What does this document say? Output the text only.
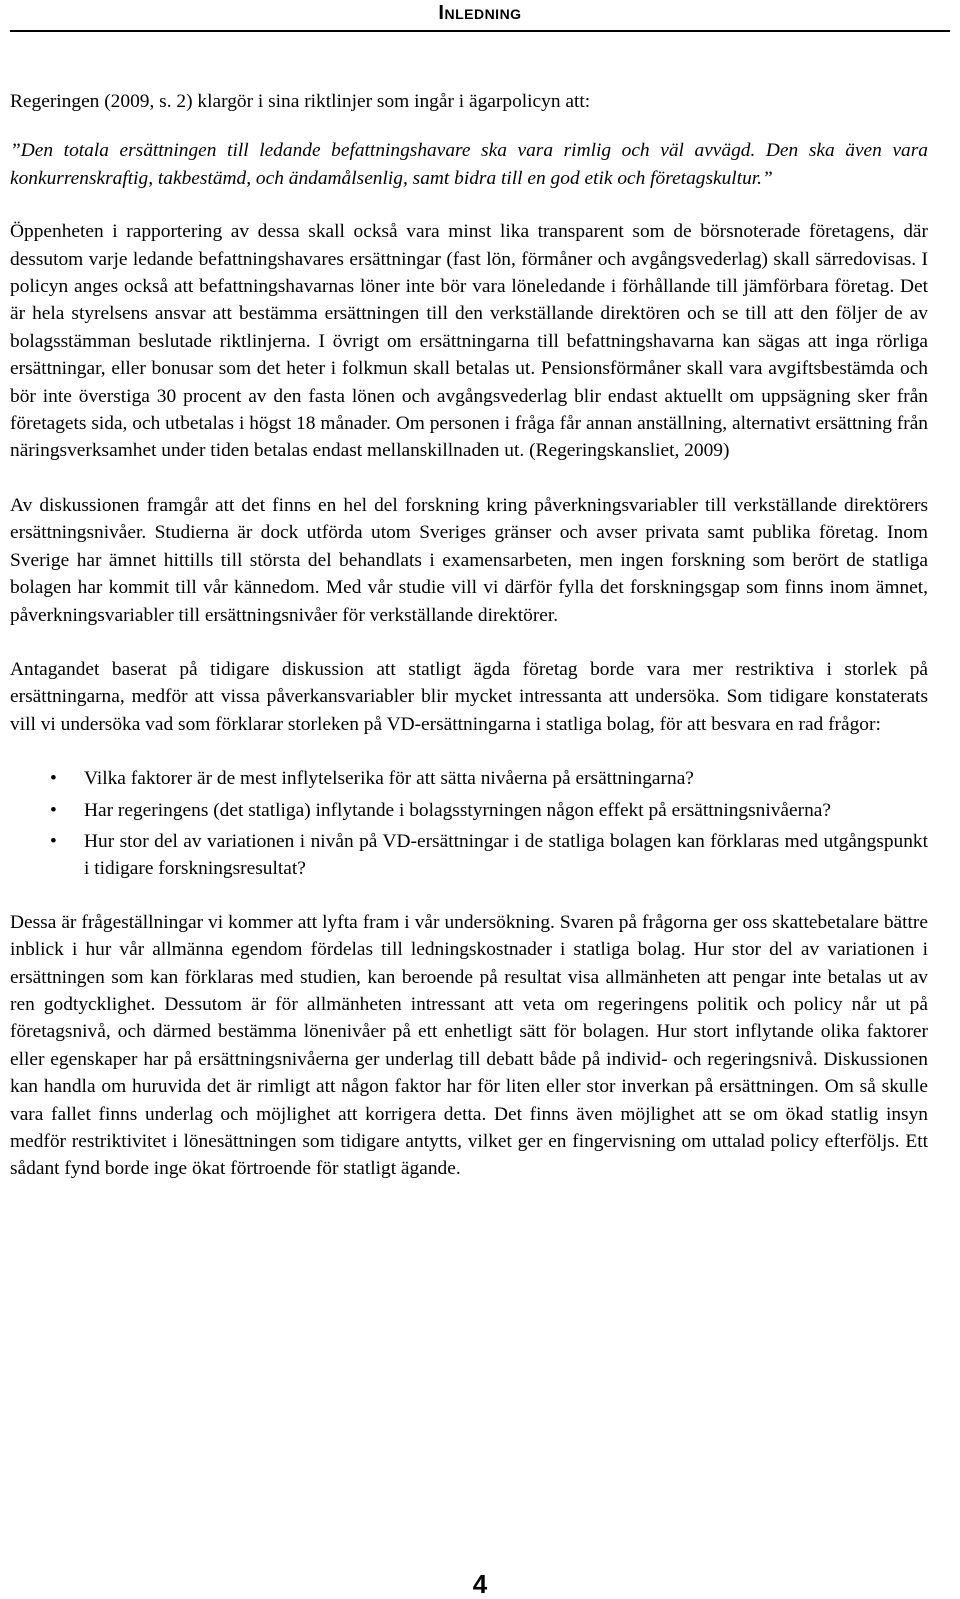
Inledning

Regeringen (2009, s. 2) klargör i sina riktlinjer som ingår i ägarpolicyn att:

”Den totala ersättningen till ledande befattningshavare ska vara rimlig och väl avvägd. Den ska även vara konkurrenskraftig, takbestämd, och ändamålsenlig, samt bidra till en god etik och företagskultur.”

Öppenheten i rapportering av dessa skall också vara minst lika transparent som de börsnoterade företagens, där dessutom varje ledande befattningshavares ersättningar (fast lön, förmåner och avgångsvederlag) skall särredovisas. I policyn anges också att befattningshavarnas löner inte bör vara löneledande i förhållande till jämförbara företag. Det är hela styrelsens ansvar att bestämma ersättningen till den verkställande direktören och se till att den följer de av bolagsstämman beslutade riktlinjerna. I övrigt om ersättningarna till befattningshavarna kan sägas att inga rörliga ersättningar, eller bonusar som det heter i folkmun skall betalas ut. Pensionsförmåner skall vara avgiftsbestämda och bör inte överstiga 30 procent av den fasta lönen och avgångsvederlag blir endast aktuellt om uppsägning sker från företagets sida, och utbetalas i högst 18 månader. Om personen i fråga får annan anställning, alternativt ersättning från näringsverksamhet under tiden betalas endast mellanskillnaden ut. (Regeringskansliet, 2009)

Av diskussionen framgår att det finns en hel del forskning kring påverkningsvariabler till verkställande direktörers ersättningsnivåer. Studierna är dock utförda utom Sveriges gränser och avser privata samt publika företag. Inom Sverige har ämnet hittills till största del behandlats i examensarbeten, men ingen forskning som berört de statliga bolagen har kommit till vår kännedom. Med vår studie vill vi därför fylla det forskningsgap som finns inom ämnet, påverkningsvariabler till ersättningsnivåer för verkställande direktörer.

Antagandet baserat på tidigare diskussion att statligt ägda företag borde vara mer restriktiva i storlek på ersättningarna, medför att vissa påverkansvariabler blir mycket intressanta att undersöka. Som tidigare konstaterats vill vi undersöka vad som förklarar storleken på VD-ersättningarna i statliga bolag, för att besvara en rad frågor:

•	Vilka faktorer är de mest inflytelserika för att sätta nivåerna på ersättningarna?
•	Har regeringens (det statliga) inflytande i bolagsstyrningen någon effekt på ersättningsnivåerna?
•	Hur stor del av variationen i nivån på VD-ersättningar i de statliga bolagen kan förklaras med utgångspunkt i tidigare forskningsresultat?

Dessa är frågeställningar vi kommer att lyfta fram i vår undersökning. Svaren på frågorna ger oss skattebetalare bättre inblick i hur vår allmänna egendom fördelas till ledningskostnader i statliga bolag. Hur stor del av variationen i ersättningen som kan förklaras med studien, kan beroende på resultat visa allmänheten att pengar inte betalas ut av ren godtycklighet. Dessutom är för allmänheten intressant att veta om regeringens politik och policy når ut på företagsnivå, och därmed bestämma lönenivåer på ett enhetligt sätt för bolagen. Hur stort inflytande olika faktorer eller egenskaper har på ersättningsnivåerna ger underlag till debatt både på individ- och regeringsnivå. Diskussionen kan handla om huruvida det är rimligt att någon faktor har för liten eller stor inverkan på ersättningen. Om så skulle vara fallet finns underlag och möjlighet att korrigera detta. Det finns även möjlighet att se om ökad statlig insyn medför restriktivitet i lönesättningen som tidigare antytts, vilket ger en fingervisning om uttalad policy efterföljs. Ett sådant fynd borde inge ökat förtroende för statligt ägande.

4
